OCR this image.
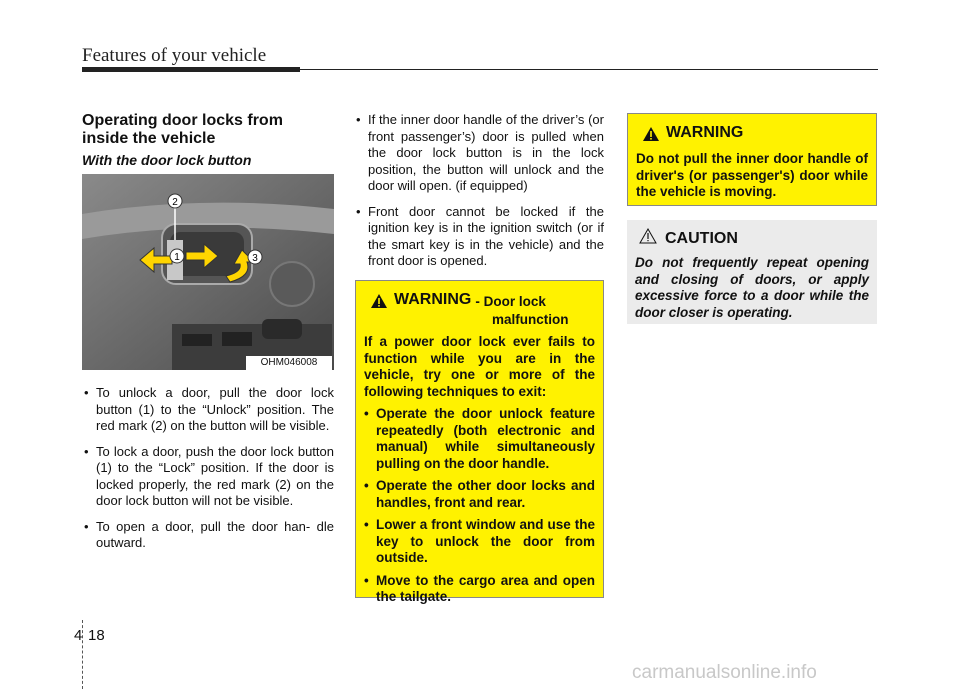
Features of your vehicle
Operating door locks from inside the vehicle
With the door lock button
2
1	3
OHM046008
• To unlock a door, pull the door lock button (1) to the “Unlock” position. The red mark (2) on the button will be visible.
• To lock a door, push the door lock button (1) to the “Lock” position. If the door is locked properly, the red mark (2) on the door lock button will not be visible.
• To open a door, pull the door han- dle outward.
• If the inner door handle of the driver’s (or front passenger’s) door is pulled when the door lock button is in the lock position, the button will unlock and the door will open. (if equipped)
• Front door cannot be locked if the ignition key is in the ignition switch (or if the smart key is in the vehicle) and the front door is opened.
WARNING - Door lock
malfunction
If a power door lock ever fails to function while you are in the vehicle, try one or more of the following techniques to exit:
• Operate the door unlock feature repeatedly (both electronic and manual) while simultaneously pulling on the door handle.
• Operate the other door locks and handles, front and rear.
• Lower a front window and use the key to unlock the door from outside.
• Move to the cargo area and open the tailgate.
WARNING
Do not pull the inner door handle of driver's (or passenger's) door while the vehicle is moving.
CAUTION
Do not frequently repeat opening and closing of doors, or apply excessive force to a door while the door closer is operating.
4 18
carmanualsonline.info
